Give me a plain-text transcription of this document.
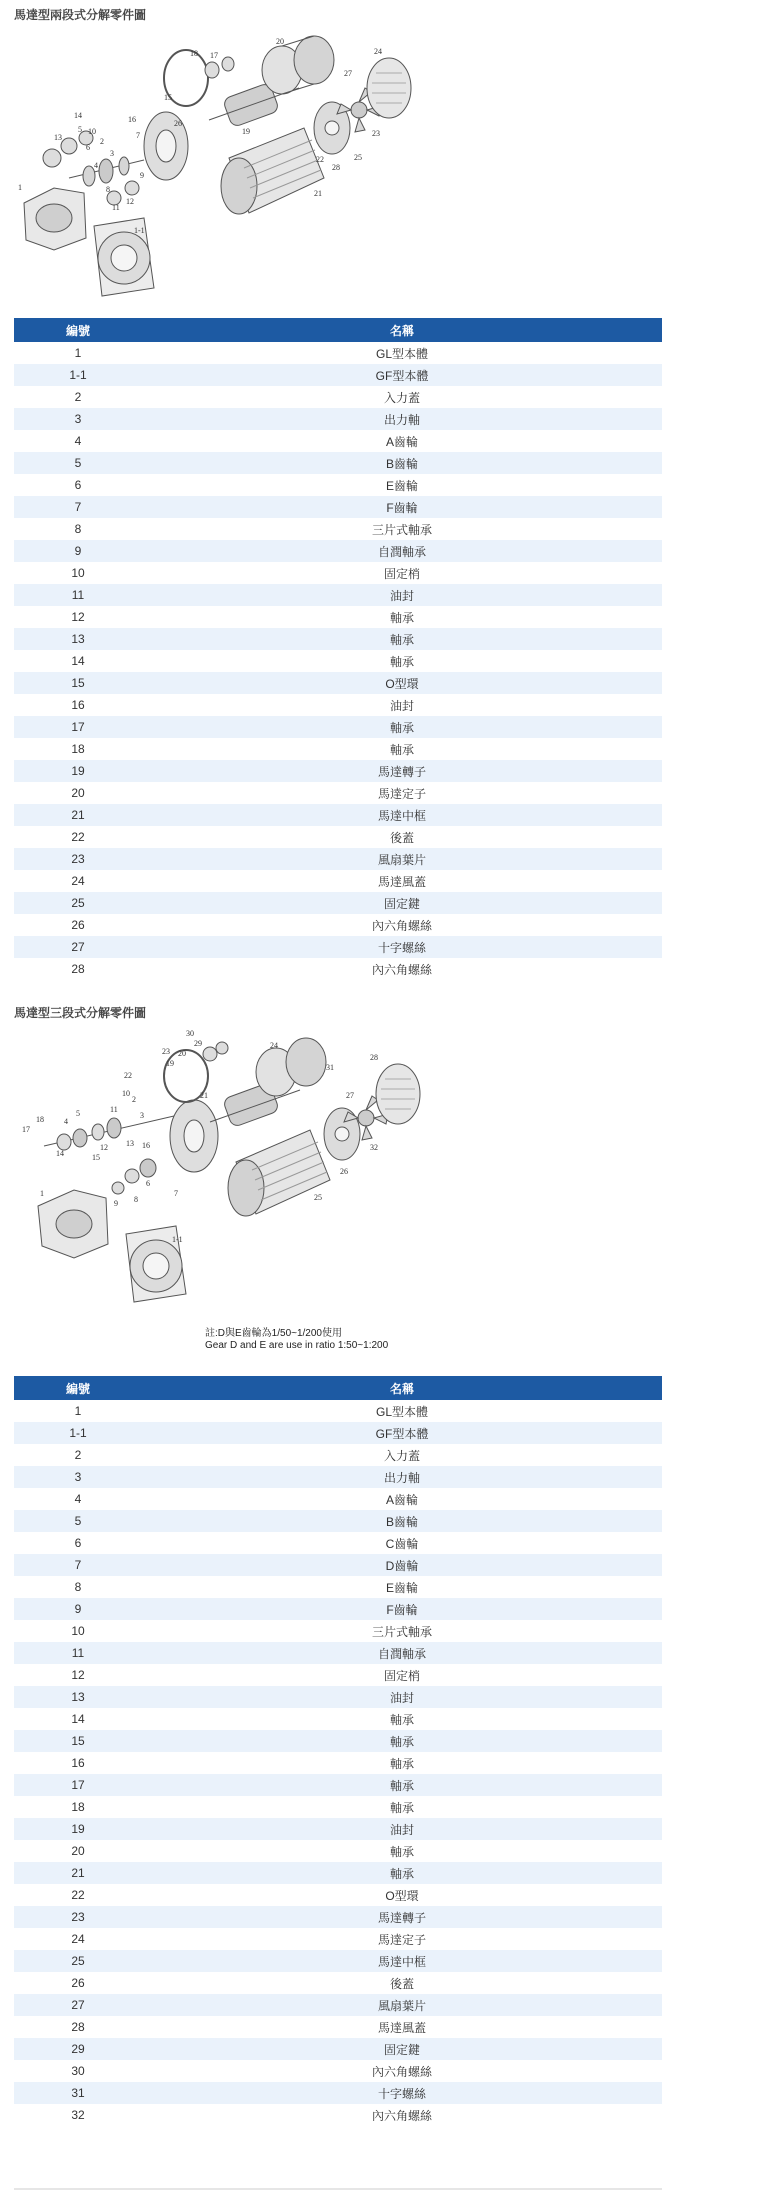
馬達型兩段式分解零件圖
1
1-1
2
3
4
5
6
7
8
9
10
11
12
13
14
15
16
17
18
19
20
21
22
23
24
25
26
27
28
編號	名稱
1	GL型本體
1-1	GF型本體
2	入力蓋
3	出力軸
4	A齒輪
5	B齒輪
6	E齒輪
7	F齒輪
8	三片式軸承
9	自潤軸承
10	固定梢
11	油封
12	軸承
13	軸承
14	軸承
15	O型環
16	油封
17	軸承
18	軸承
19	馬達轉子
20	馬達定子
21	馬達中框
22	後蓋
23	風扇葉片
24	馬達風蓋
25	固定鍵
26	內六角螺絲
27	十字螺絲
28	內六角螺絲
馬達型三段式分解零件圖
1
1-1
2
3
4
5
6
7
8
9
10
11
12 13
14	15
16
17
18
19
20
21
22
23
24
25
26
27
28
29
30
31
32
註:D與E齒輪為1/50~1/200使用
Gear D and E are use in ratio 1:50~1:200
編號	名稱
1	GL型本體
1-1	GF型本體
2	入力蓋
3	出力軸
4	A齒輪
5	B齒輪
6	C齒輪
7	D齒輪
8	E齒輪
9	F齒輪
10	三片式軸承
11	自潤軸承
12	固定梢
13	油封
14	軸承
15	軸承
16	軸承
17	軸承
18	軸承
19	油封
20	軸承
21	軸承
22	O型環
23	馬達轉子
24	馬達定子
25	馬達中框
26	後蓋
27	風扇葉片
28	馬達風蓋
29	固定鍵
30	內六角螺絲
31	十字螺絲
32	內六角螺絲
